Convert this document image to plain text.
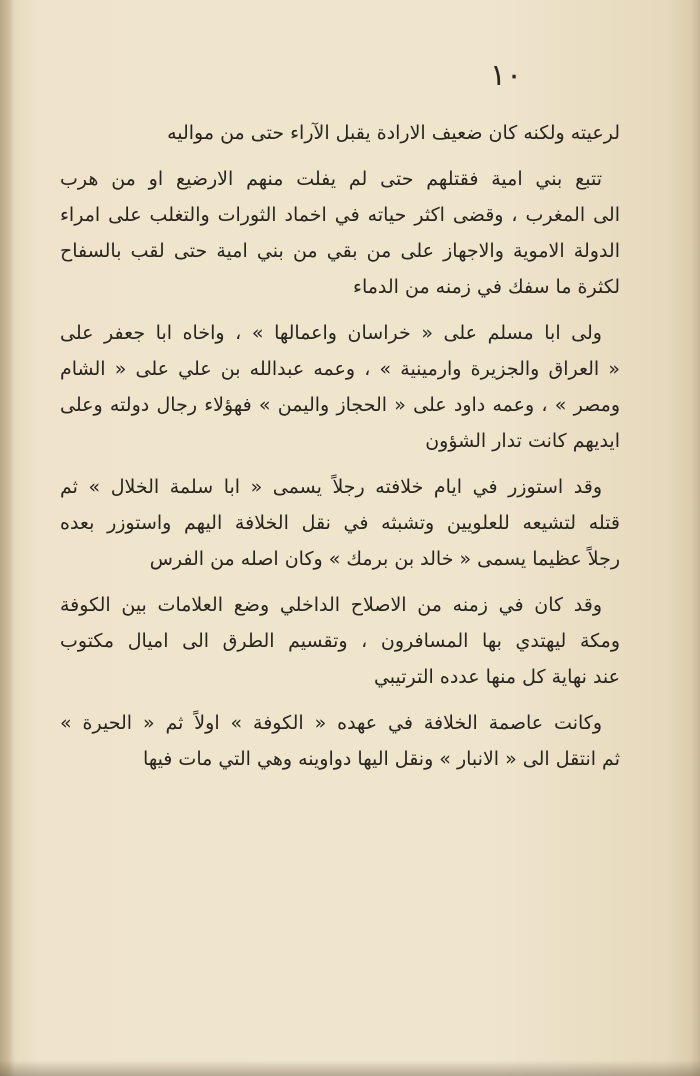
١٠
لرعيته ولكنه كان ضعيف الارادة يقبل الآراء حتى من مواليه
تتبع بني امية فقتلهم حتى لم يفلت منهم الارضيع او من هرب
الى المغرب ، وقضى اكثر حياته في اخماد الثورات والتغلب على امراء
الدولة الاموية والاجهاز على من بقي من بني امية حتى لقب بالسفاح
لكثرة ما سفك في زمنه من الدماء
ولى ابا مسلم على « خراسان واعمالها » ، واخاه ابا جعفر على
« العراق والجزيرة وارمينية » ، وعمه عبدالله بن علي على « الشام
ومصر » ، وعمه داود على « الحجاز واليمن » فهؤلاء رجال دولته وعلى
ايديهم كانت تدار الشؤون
وقد استوزر في ايام خلافته رجلاً يسمى « ابا سلمة الخلال » ثم
قتله لتشيعه للعلويين وتشبثه في نقل الخلافة اليهم واستوزر بعده
رجلاً عظيما يسمى « خالد بن برمك » وكان اصله من الفرس
وقد كان في زمنه من الاصلاح الداخلي وضع العلامات بين الكوفة
ومكة ليهتدي بها المسافرون ، وتقسيم الطرق الى اميال مكتوب
عند نهاية كل منها عدده الترتيبي
وكانت عاصمة الخلافة في عهده « الكوفة » اولاً ثم « الحيرة »
ثم انتقل الى « الانبار » ونقل اليها دواوينه وهي التي مات فيها
